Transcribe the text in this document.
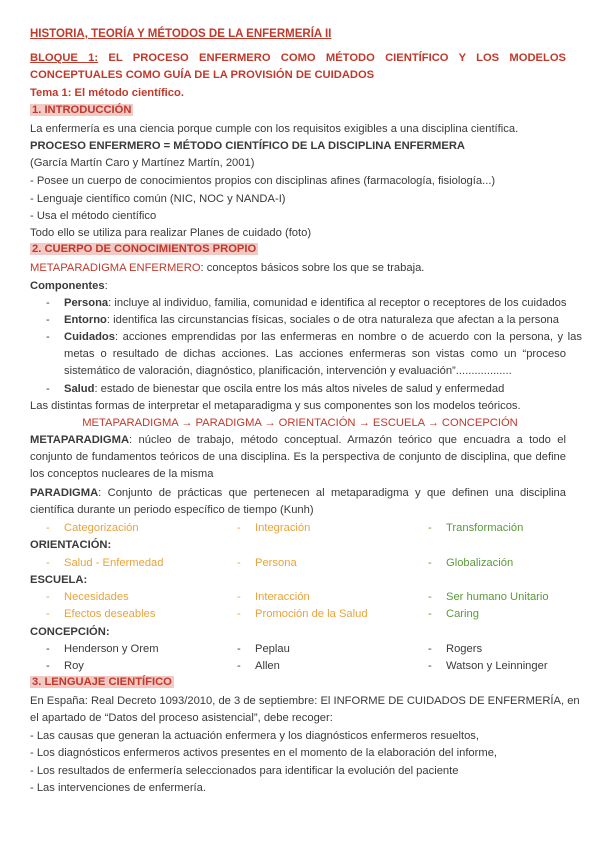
HISTORIA, TEORÍA Y MÉTODOS DE LA ENFERMERÍA II
BLOQUE 1: EL PROCESO ENFERMERO COMO MÉTODO CIENTÍFICO Y LOS MODELOS
CONCEPTUALES COMO GUÍA DE LA PROVISIÓN DE CUIDADOS
Tema 1: El método científico.
1. INTRODUCCIÓN
La enfermería es una ciencia porque cumple con los requisitos exigibles a una disciplina científica.
PROCESO ENFERMERO = MÉTODO CIENTÍFICO DE LA DISCIPLINA ENFERMERA
(García Martín Caro y Martínez Martín, 2001)
- Posee un cuerpo de conocimientos propios con disciplinas afines (farmacología, fisiología...)
- Lenguaje científico común (NIC, NOC y NANDA-I)
- Usa el método científico
Todo ello se utiliza para realizar Planes de cuidado (foto)
2. CUERPO DE CONOCIMIENTOS PROPIO
METAPARADIGMA ENFERMERO: conceptos básicos sobre los que se trabaja.
Componentes:
- Persona: incluye al individuo, familia, comunidad e identifica al receptor o receptores de los cuidados
- Entorno: identifica las circunstancias físicas, sociales o de otra naturaleza que afectan a la persona
- Cuidados: acciones emprendidas por las enfermeras en nombre o de acuerdo con la persona, y las
metas o resultado de dichas acciones. Las acciones enfermeras son vistas como un “proceso
sistemático de valoración, diagnóstico, planificación, intervención y evaluación”..................
- Salud: estado de bienestar que oscila entre los más altos niveles de salud y enfermedad
Las distintas formas de interpretar el metaparadigma y sus componentes son los modelos teóricos.
METAPARADIGMA → PARADIGMA → ORIENTACIÓN → ESCUELA → CONCEPCIÓN
METAPARADIGMA: núcleo de trabajo, método conceptual. Armazón teórico que encuadra a todo el
conjunto de fundamentos teóricos de una disciplina. Es la perspectiva de conjunto de disciplina, que define
los conceptos nucleares de la misma
PARADIGMA: Conjunto de prácticas que pertenecen al metaparadigma y que definen una disciplina
científica durante un periodo específico de tiempo (Kunh)
- Categorización	- Integración	- Transformación
ORIENTACIÓN:
- Salud - Enfermedad	- Persona	- Globalización
ESCUELA:
- Necesidades	- Interacción	- Ser humano Unitario
- Efectos deseables	- Promoción de la Salud	- Caring
CONCEPCIÓN:
- Henderson y Orem	- Peplau	- Rogers
- Roy	- Allen	- Watson y Leinninger
3. LENGUAJE CIENTÍFICO
En España: Real Decreto 1093/2010, de 3 de septiembre: El INFORME DE CUIDADOS DE ENFERMERÍA, en
el apartado de “Datos del proceso asistencial”, debe recoger:
- Las causas que generan la actuación enfermera y los diagnósticos enfermeros resueltos,
- Los diagnósticos enfermeros activos presentes en el momento de la elaboración del informe,
- Los resultados de enfermería seleccionados para identificar la evolución del paciente
- Las intervenciones de enfermería.
